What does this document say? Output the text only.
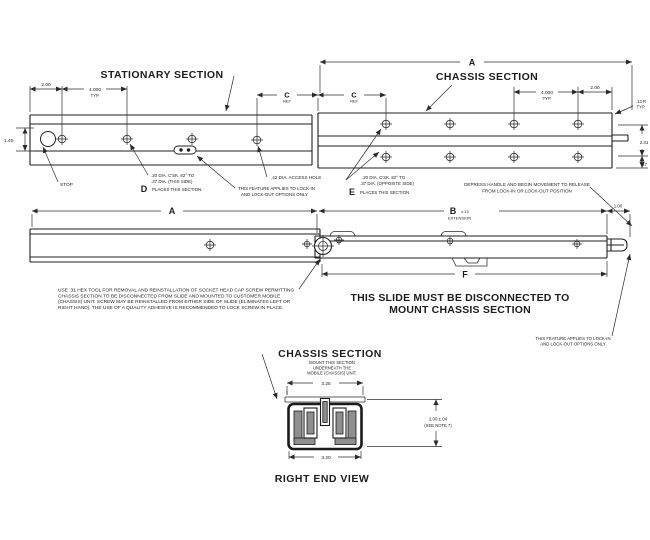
STATIONARY SECTION	CHASSIS SECTION
A
2.00
4.000
TYP.
1.40
STOP
C
REF
C
REF
.42 DIA. ACCESS HOLE
THIS FEATURE APPLIES TO LOCK-IN
AND LOCK-OUT OPTIONS ONLY
.20 DIA. C'SK. 82° TO
.37 DIA. (THIS SIDE)
D PLACES THIS SECTION
.20 DIA. C'SK. 82° TO
.37 DIA. (OPPOSITE SIDE)
E PLACES THIS SECTION
4.000
TYP.
2.00
.13 R
TYP.
2.31
.47
DEPRESS HANDLE AND BEGIN MOVEMENT TO RELEASE
FROM LOCK-IN OR LOCK-OUT POSITION
A	B ±.13
EXTENSION
1.00
F
USE .31 HEX TOOL FOR REMOVAL AND REINSTALLATION OF SOCKET HEAD CAP SCREW PERMITTING
CHASSIS SECTION TO BE DISCONNECTED FROM SLIDE AND MOUNTED TO CUSTOMER MOBILE
(CHASSIS) UNIT. SCREW MAY BE REINSTALLED FROM EITHER SIDE OF SLIDE (ELIMINATES LEFT OR
RIGHT HAND). THE USE OF A QUALITY ADHESIVE IS RECOMMENDED TO LOCK SCREW IN PLACE.
THIS SLIDE MUST BE DISCONNECTED TO
MOUNT CHASSIS SECTION
THIS FEATURE APPLIES TO LOCK-IN
AND LOCK-OUT OPTIONS ONLY
CHASSIS SECTION
MOUNT THIS SECTION
UNDERNEATH THE
MOBILE (CHASSIS) UNIT.
3.25
2.00 ±.04
(SEE NOTE 7)
3.20
RIGHT END VIEW
